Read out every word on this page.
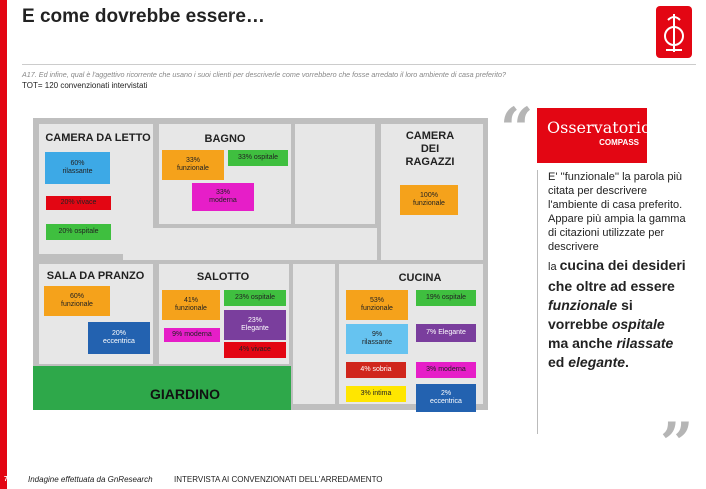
7
E come dovrebbe essere…
A17. Ed infine, qual è l'aggettivo ricorrente che usano i suoi clienti per descriverle come vorrebbero che fosse arredato il loro ambiente di casa preferito?
TOT= 120 convenzionati intervistati
CAMERA DA LETTO	BAGNO	CAMERA
DEI
RAGAZZI
SALA DA PRANZO	SALOTTO	CUCINA
GIARDINO
60%
rilassante
20% vivace
20% ospitale
33%
funzionale
33% ospitale
33%
moderna
100%
funzionale
60%
funzionale
20%
eccentrica
41%
funzionale
23% ospitale
23%
Elegante
9% moderna
4% vivace
53%
funzionale
19% ospitale
9%
rilassante
7% Elegante
4% sobria	3% moderna
3% intima	2%
eccentrica
“ Osservatorio
COMPASS
E' ''funzionale'' la parola più citata per descrivere l'ambiente di casa preferito.
Appare più ampia la gamma di citazioni utilizzate per descrivere
la cucina dei desideri che oltre ad essere funzionale si vorrebbe ospitale ma anche rilassate ed elegante.
”
Indagine effettuata da GnResearch	INTERVISTA AI CONVENZIONATI DELL'ARREDAMENTO
